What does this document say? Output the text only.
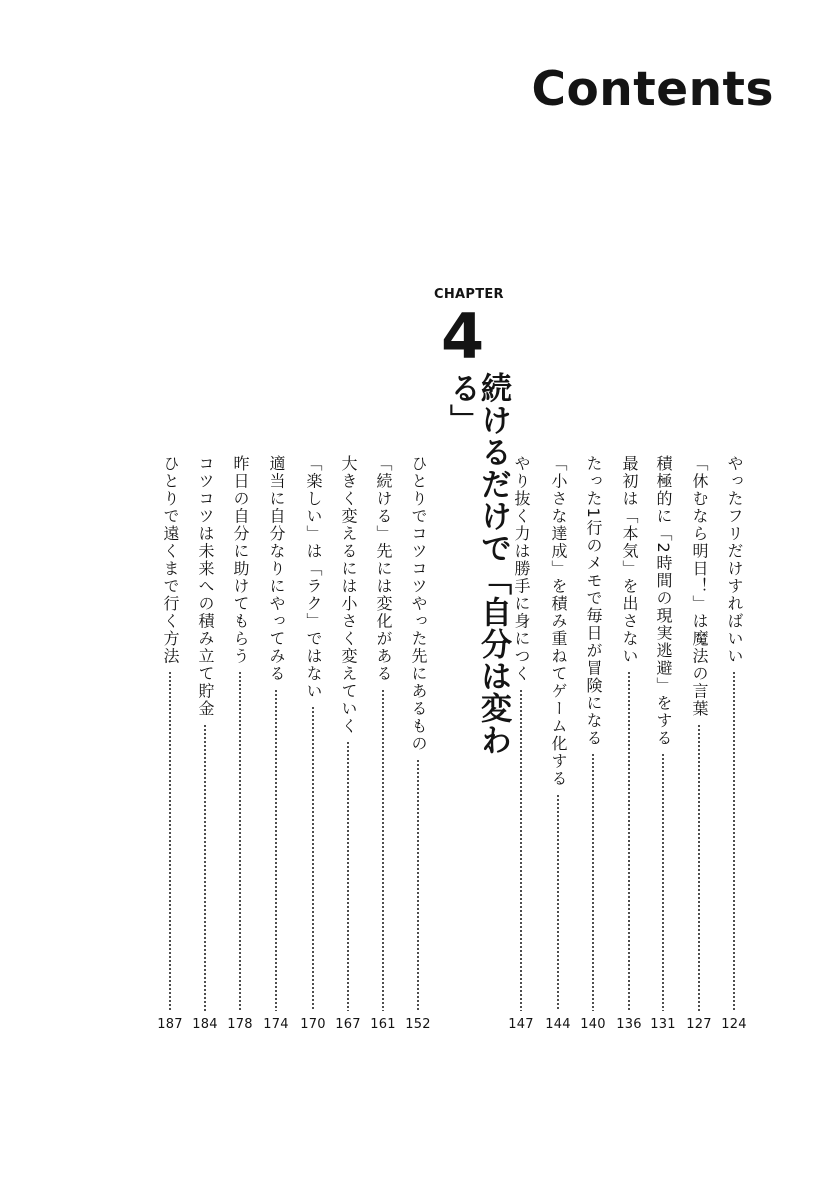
Contents
CHAPTER
4
続けるだけで「自分は変わる」
やったフリだけすればいい
「休むなら明日！」は魔法の言葉
積極的に「2時間の現実逃避」をする
最初は「本気」を出さない
たった1行のメモで毎日が冒険になる
「小さな達成」を積み重ねてゲーム化する
やり抜く力は勝手に身につく
ひとりでコツコツやった先にあるもの
「続ける」先には変化がある
大きく変えるには小さく変えていく
「楽しい」は「ラク」ではない
適当に自分なりにやってみる
昨日の自分に助けてもらう
コツコツは未来への積み立て貯金
ひとりで遠くまで行く方法
124
127
131
136
140
144
147
152
161
167
170
174
178
184
187
